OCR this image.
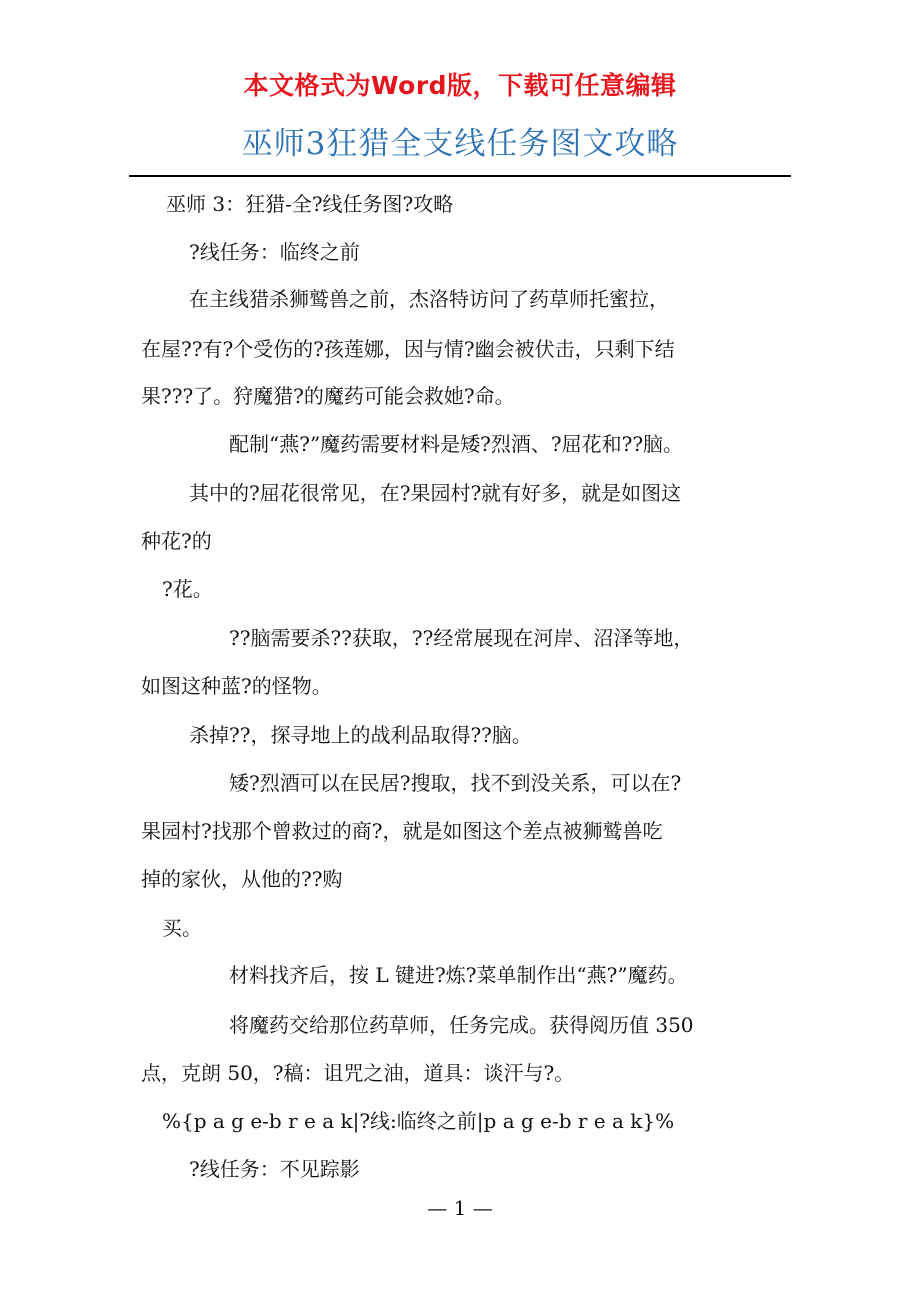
本文格式为Word版，下载可任意编辑
巫师3狂猎全支线任务图文攻略
巫师 3：狂猎-全?线任务图?攻略
?线任务：临终之前
在主线猎杀狮鹫兽之前，杰洛特访问了药草师托蜜拉，
在屋??有?个受伤的?孩莲娜，因与情?幽会被伏击，只剩下结
果???了。狩魔猎?的魔药可能会救她?命。
配制“燕?”魔药需要材料是矮?烈酒、?屈花和??脑。
其中的?屈花很常见，在?果园村?就有好多，就是如图这
种花?的
?花。
??脑需要杀??获取，??经常展现在河岸、沼泽等地，
如图这种蓝?的怪物。
杀掉??，探寻地上的战利品取得??脑。
矮?烈酒可以在民居?搜取，找不到没关系，可以在?
果园村?找那个曾救过的商?，就是如图这个差点被狮鹫兽吃
掉的家伙，从他的??购
买。
材料找齐后，按 L 键进?炼?菜单制作出“燕?”魔药。
将魔药交给那位药草师，任务完成。获得阅历值 350
点，克朗 50，?稿：诅咒之油，道具：谈汗与?。
%{p a g e-b r e a k|?线:临终之前|p a g e-b r e a k}%
?线任务：不见踪影
— 1 —
